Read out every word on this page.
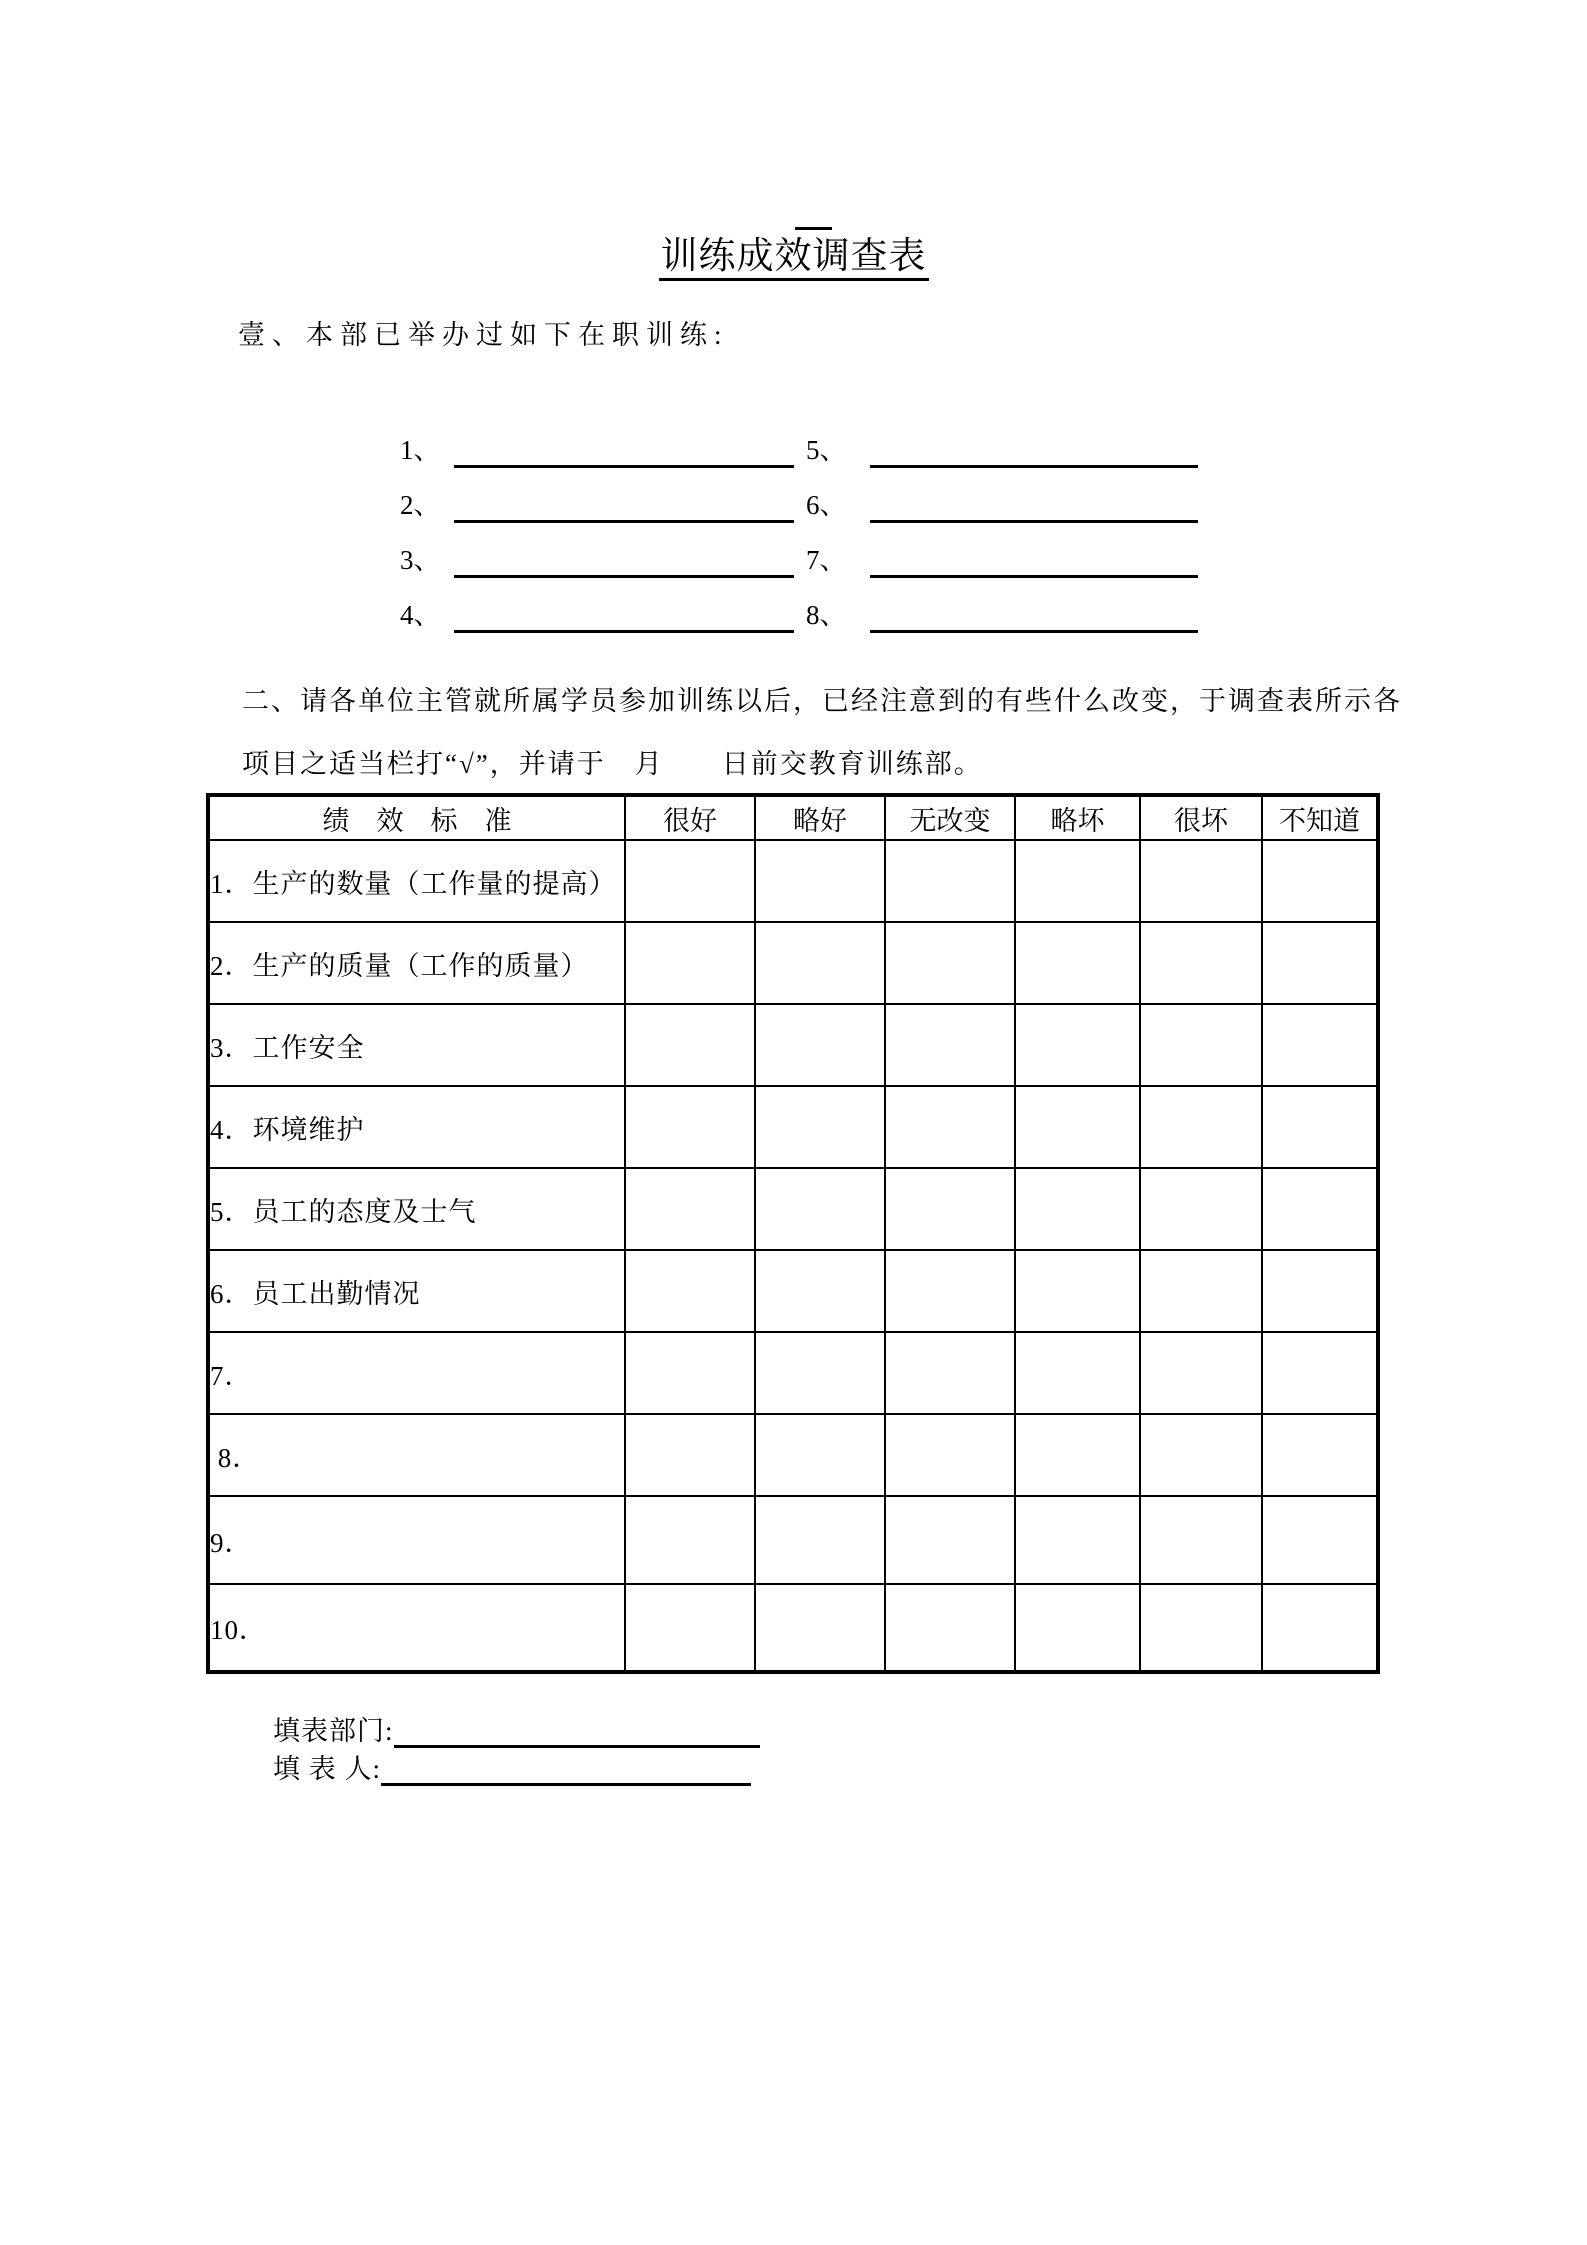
训练成效调查表
壹、本部已举办过如下在职训练:
1、
2、
3、
4、
5、
6、
7、
8、
二、请各单位主管就所属学员参加训练以后，已经注意到的有些什么改变，于调查表所示各
项目之适当栏打“√”，并请于　月　　日前交教育训练部。
绩　效　标　准	很好	略好	无改变	略坏	很坏	不知道
1．生产的数量（工作量的提高）						
2．生产的质量（工作的质量）						
3．工作安全						
4．环境维护						
5．员工的态度及士气						
6．员工出勤情况						
7．						
8．						
9．						
10．						

填表部门:

填 表 人:
